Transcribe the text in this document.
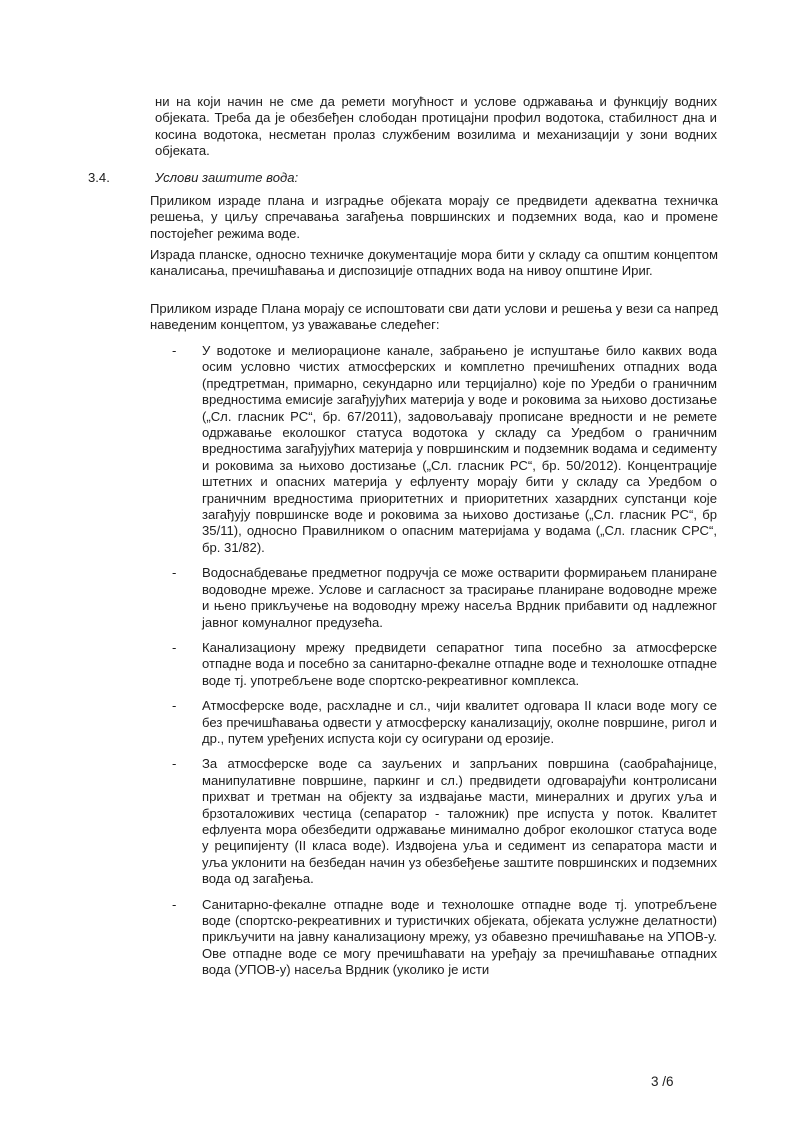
ни на који начин не сме да ремети могућност и услове одржавања и функцију водних објеката. Треба да је обезбеђен слободан протицајни профил водотока, стабилност дна и косина водотока, несметан пролаз службеним возилима и механизацији у зони водних објеката.

3.4.	Услови заштите вода:

Приликом израде плана и изградње објеката морају се предвидети адекватна техничка решења, у циљу спречавања загађења површинских и подземних вода, као и промене постојећег режима воде.

Израда планске, односно техничке документације мора бити у складу са општим концептом каналисања, пречишћавања и диспозиције отпадних вода на нивоу општине Ириг.

Приликом израде Плана морају се испоштовати сви дати услови и решења у вези са напред наведеним концептом, уз уважавање следећег:

- У водотоке и мелиорационе канале, забрањено је испуштање било каквих вода осим условно чистих атмосферских и комплетно пречишћених отпадних вода (предтретман, примарно, секундарно или терцијално) које по Уредби о граничним вредностима емисије загађујућих материја у воде и роковима за њихово достизање („Сл. гласник РС“, бр. 67/2011), задовољавају прописане вредности и не ремете одржавање еколошког статуса водотока у складу са Уредбом о граничним вредностима загађујућих материја у површинским и подземник водама и седименту и роковима за њихово достизање („Сл. гласник РС“, бр. 50/2012). Концентрације штетних и опасних материја у ефлуенту морају бити у складу са Уредбом о граничним вредностима приоритетних и приоритетних хазардних супстанци које загађују површинске воде и роковима за њихово достизање („Сл. гласник РС“, бр 35/11), односно Правилником о опасним материјама у водама („Сл. гласник СРС“, бр. 31/82).

- Водоснабдевање предметног подручја се може остварити формирањем планиране водоводне мреже. Услове и сагласност за трасирање планиране водоводне мреже и њено прикључење на водоводну мрежу насеља Врдник прибавити од надлежног јавног комуналног предузећа.

- Канализациону мрежу предвидети сепаратног типа посебно за атмосферске отпадне вода и посебно за санитарно-фекалне отпадне воде и технолошке отпадне воде тј. употребљене воде спортско-рекреативног комплекса.

- Атмосферске воде, расхладне и сл., чији квалитет одговара II класи воде могу се без пречишћавања одвести у атмосферску канализацију, околне површине, ригол и др., путем уређених испуста који су осигурани од ерозије.

- За атмосферске воде са зауљених и запрљаних површина (саобраћајнице, манипулативне површине, паркинг и сл.) предвидети одговарајући контролисани прихват и третман на објекту за издвајање масти, минералних и других уља и брзоталоживих честица (сепаратор - таложник) пре испуста у поток. Квалитет ефлуента мора обезбедити одржавање минимално доброг еколошког статуса воде у реципијенту (II класа воде). Издвојена уља и седимент из сепаратора масти и уља уклонити на безбедан начин уз обезбеђење заштите површинских и подземних вода од загађења.

- Санитарно-фекалне отпадне воде и технолошке отпадне воде тј. употребљене воде (спортско-рекреативних и туристичких објеката, објеката услужне делатности) прикључити на јавну канализациону мрежу, уз обавезно пречишћавање на УПОВ-у. Ове отпадне воде се могу пречишћавати на уређају за пречишћавање отпадних вода (УПОВ-у) насеља Врдник (уколико је исти

3 /6
